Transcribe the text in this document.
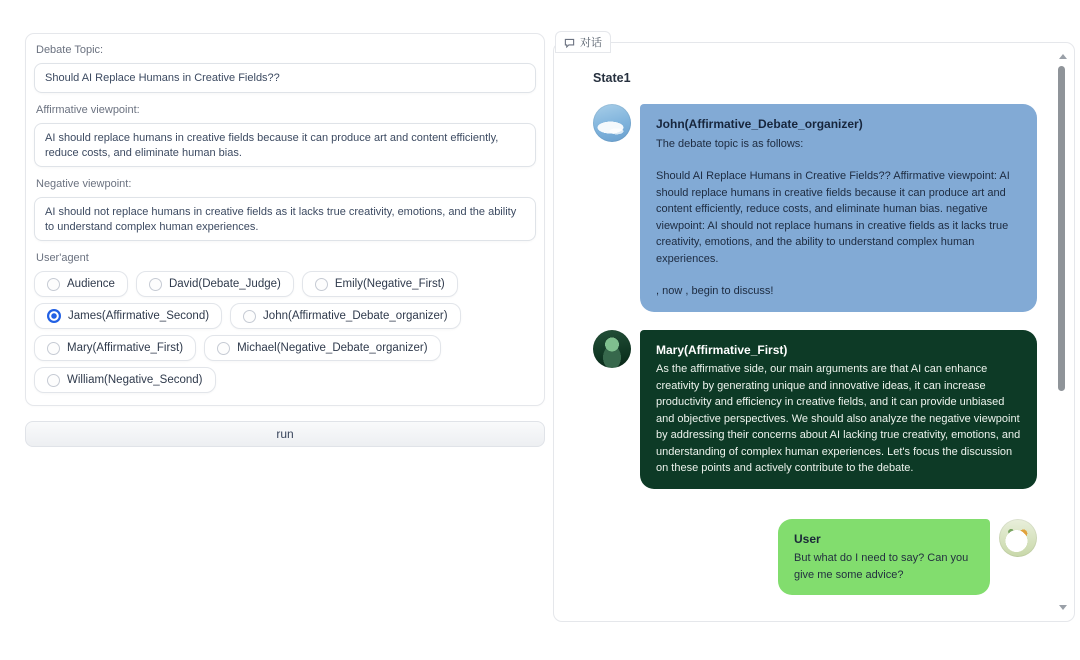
Debate Topic:
Should AI Replace Humans in Creative Fields??
Affirmative viewpoint:
AI should replace humans in creative fields because it can produce art and content efficiently, reduce costs, and eliminate human bias.
Negative viewpoint:
AI should not replace humans in creative fields as it lacks true creativity, emotions, and the ability to understand complex human experiences.
User'agent
Audience	David(Debate_Judge)	Emily(Negative_First)
James(Affirmative_Second)	John(Affirmative_Debate_organizer)
Mary(Affirmative_First)	Michael(Negative_Debate_organizer)
William(Negative_Second)
run
对话
State1
John(Affirmative_Debate_organizer)

The debate topic is as follows:

Should AI Replace Humans in Creative Fields?? Affirmative viewpoint: AI should replace humans in creative fields because it can produce art and content efficiently, reduce costs, and eliminate human bias. negative viewpoint: AI should not replace humans in creative fields as it lacks true creativity, emotions, and the ability to understand complex human experiences.

, now , begin to discuss!

Mary(Affirmative_First)

As the affirmative side, our main arguments are that AI can enhance creativity by generating unique and innovative ideas, it can increase productivity and efficiency in creative fields, and it can provide unbiased and objective perspectives. We should also analyze the negative viewpoint by addressing their concerns about AI lacking true creativity, emotions, and understanding of complex human experiences. Let's focus the discussion on these points and actively contribute to the debate.

User

But what do I need to say? Can you give me some advice?
